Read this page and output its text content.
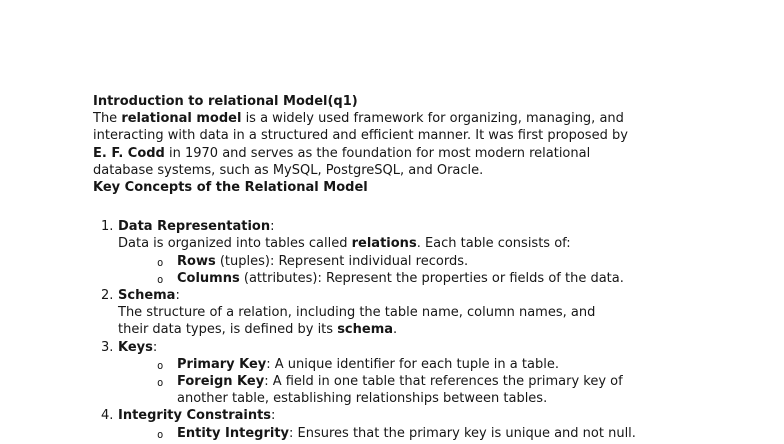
Introduction to relational Model(q1)
The relational model is a widely used framework for organizing, managing, and
interacting with data in a structured and efficient manner. It was first proposed by
E. F. Codd in 1970 and serves as the foundation for most modern relational
database systems, such as MySQL, PostgreSQL, and Oracle.
Key Concepts of the Relational Model
1. Data Representation:
Data is organized into tables called relations. Each table consists of:
o Rows (tuples): Represent individual records.
o Columns (attributes): Represent the properties or fields of the data.
2. Schema:
The structure of a relation, including the table name, column names, and
their data types, is defined by its schema.
3. Keys:
o Primary Key: A unique identifier for each tuple in a table.
o Foreign Key: A field in one table that references the primary key of
another table, establishing relationships between tables.
4. Integrity Constraints:
o Entity Integrity: Ensures that the primary key is unique and not null.
